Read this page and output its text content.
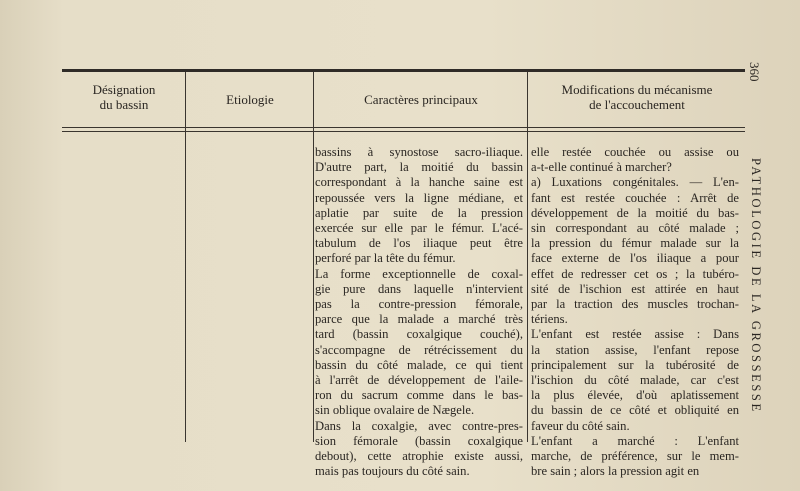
Désignation
du bassin	Etiologie	Caractères principaux
Modifications du mécanisme
de l'accouchement
bassins à synostose sacro-iliaque.
D'autre part, la moitié du bassin
correspondant à la hanche saine est
repoussée vers la ligne médiane, et
aplatie par suite de la pression
exercée sur elle par le fémur. L'acé-
tabulum de l'os iliaque peut être
perforé par la tête du fémur.
La forme exceptionnelle de coxal-
gie pure dans laquelle n'intervient
pas la contre-pression fémorale,
parce que la malade a marché très
tard (bassin coxalgique couché),
s'accompagne de rétrécissement du
bassin du côté malade, ce qui tient
à l'arrêt de développement de l'aile-
ron du sacrum comme dans le bas-
sin oblique ovalaire de Nægele.
Dans la coxalgie, avec contre-pres-
sion fémorale (bassin coxalgique
debout), cette atrophie existe aussi,
mais pas toujours du côté sain.
elle restée couchée ou assise ou
a-t-elle continué à marcher?
a) Luxations congénitales. — L'en-
fant est restée couchée : Arrêt de
développement de la moitié du bas-
sin correspondant au côté malade ;
la pression du fémur malade sur la
face externe de l'os iliaque a pour
effet de redresser cet os ; la tubéro-
sité de l'ischion est attirée en haut
par la traction des muscles trochan-
tériens.
L'enfant est restée assise : Dans
la station assise, l'enfant repose
principalement sur la tubérosité de
l'ischion du côté malade, car c'est
la plus élevée, d'où aplatissement
du bassin de ce côté et obliquité en
faveur du côté sain.
L'enfant a marché : L'enfant
marche, de préférence, sur le mem-
bre sain ; alors la pression agit en
360
PATHOLOGIE DE LA GROSSESSE
